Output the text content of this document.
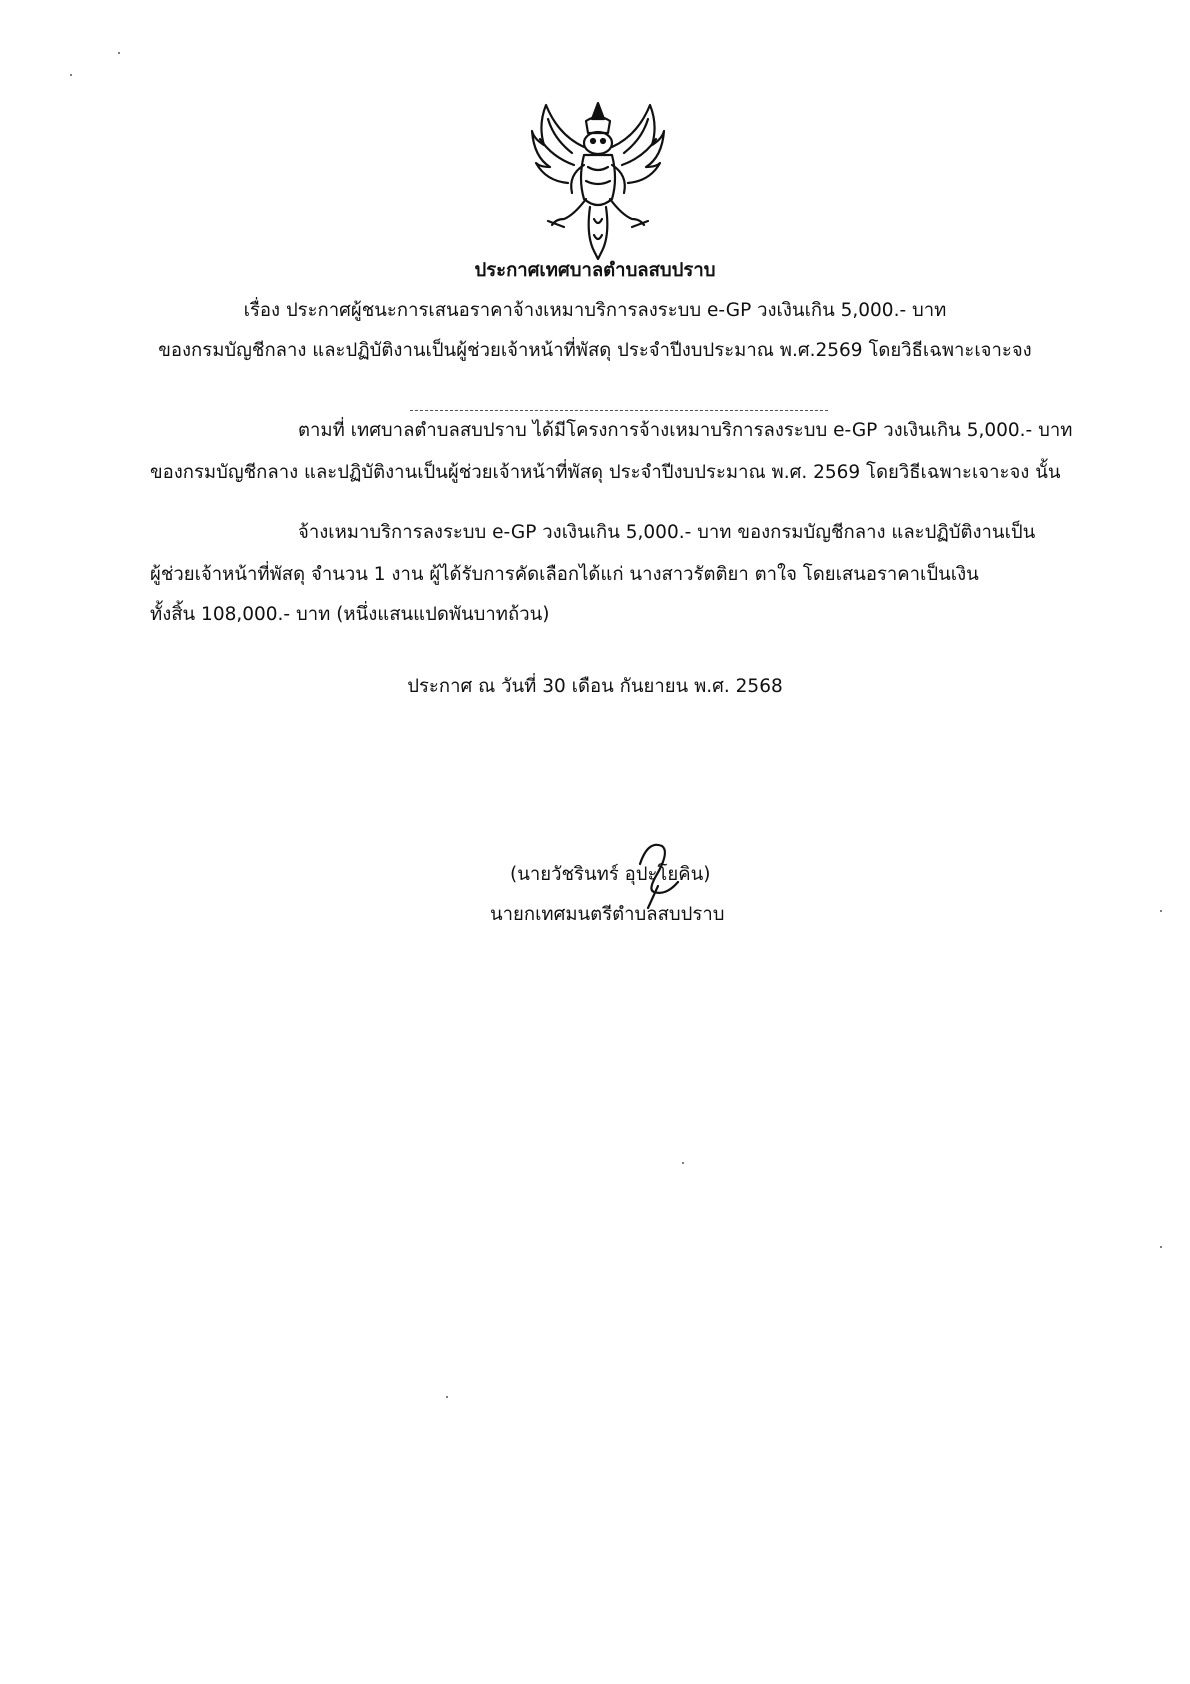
ประกาศเทศบาลตำบลสบปราบ
เรื่อง ประกาศผู้ชนะการเสนอราคาจ้างเหมาบริการลงระบบ e-GP วงเงินเกิน 5,000.- บาท
ของกรมบัญชีกลาง และปฏิบัติงานเป็นผู้ช่วยเจ้าหน้าที่พัสดุ ประจำปีงบประมาณ พ.ศ.2569 โดยวิธีเฉพาะเจาะจง
ตามที่ เทศบาลตำบลสบปราบ ได้มีโครงการจ้างเหมาบริการลงระบบ e-GP วงเงินเกิน 5,000.- บาท
ของกรมบัญชีกลาง และปฏิบัติงานเป็นผู้ช่วยเจ้าหน้าที่พัสดุ ประจำปีงบประมาณ พ.ศ. 2569 โดยวิธีเฉพาะเจาะจง นั้น
จ้างเหมาบริการลงระบบ e-GP วงเงินเกิน 5,000.- บาท ของกรมบัญชีกลาง และปฏิบัติงานเป็น
ผู้ช่วยเจ้าหน้าที่พัสดุ จำนวน 1 งาน ผู้ได้รับการคัดเลือกได้แก่ นางสาวรัตติยา ตาใจ โดยเสนอราคาเป็นเงิน
ทั้งสิ้น 108,000.- บาท (หนึ่งแสนแปดพันบาทถ้วน)
ประกาศ ณ วันที่ 30 เดือน กันยายน พ.ศ. 2568
(นายวัชรินทร์ อุปะโยคิน)
นายกเทศมนตรีตำบลสบปราบ
